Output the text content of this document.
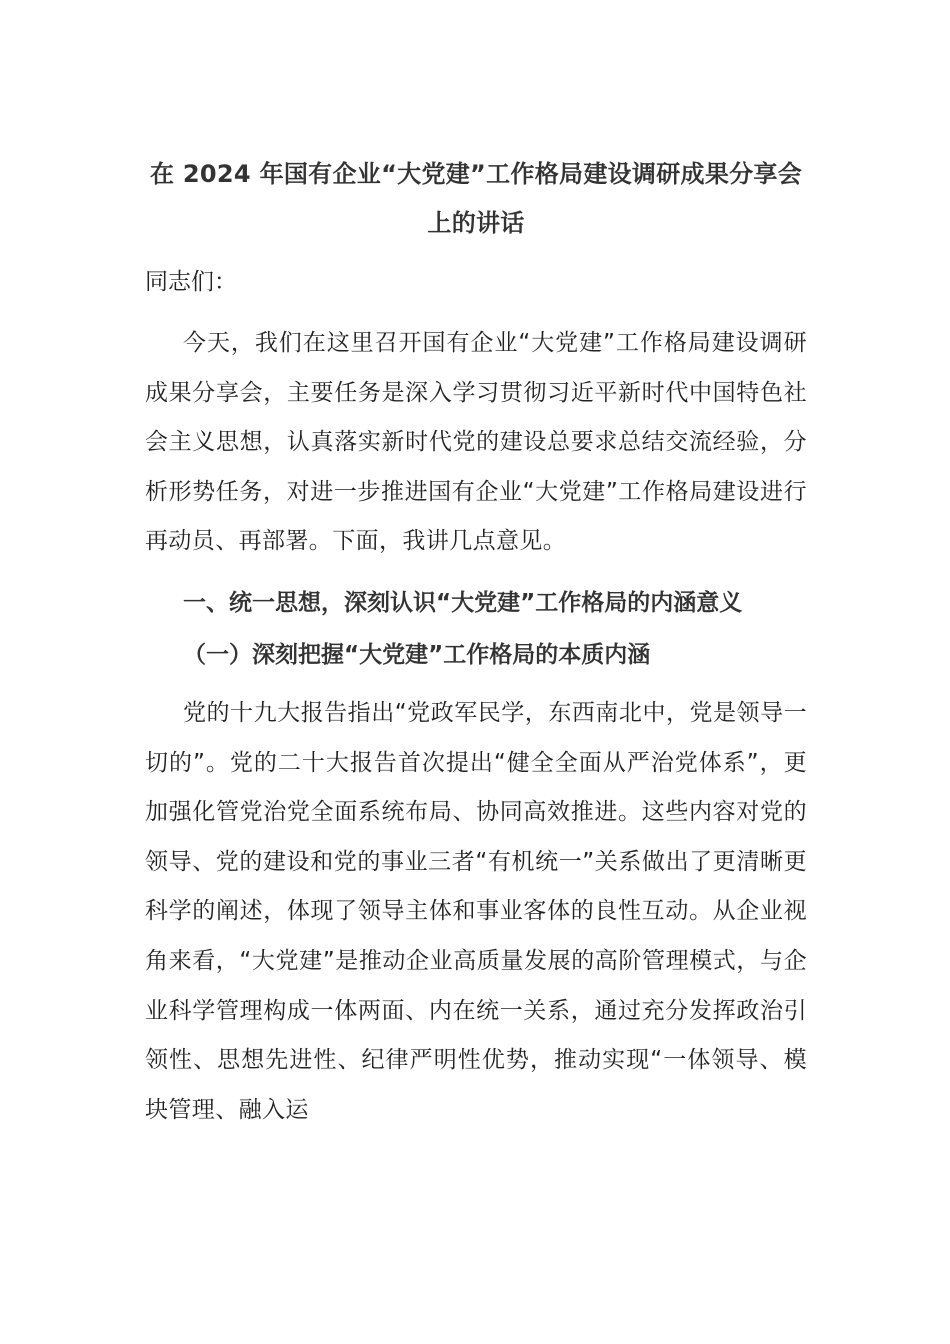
在 2024 年国有企业“大党建”工作格局建设调研成果分享会上的讲话

同志们：

今天，我们在这里召开国有企业“大党建”工作格局建设调研成果分享会，主要任务是深入学习贯彻习近平新时代中国特色社会主义思想，认真落实新时代党的建设总要求总结交流经验，分析形势任务，对进一步推进国有企业“大党建”工作格局建设进行再动员、再部署。下面，我讲几点意见。

一、统一思想，深刻认识“大党建”工作格局的内涵意义

（一）深刻把握“大党建”工作格局的本质内涵

党的十九大报告指出“党政军民学，东西南北中，党是领导一切的”。党的二十大报告首次提出“健全全面从严治党体系”，更加强化管党治党全面系统布局、协同高效推进。这些内容对党的领导、党的建设和党的事业三者“有机统一”关系做出了更清晰更科学的阐述，体现了领导主体和事业客体的良性互动。从企业视角来看，“大党建”是推动企业高质量发展的高阶管理模式，与企业科学管理构成一体两面、内在统一关系，通过充分发挥政治引领性、思想先进性、纪律严明性优势，推动实现“一体领导、模块管理、融入运
